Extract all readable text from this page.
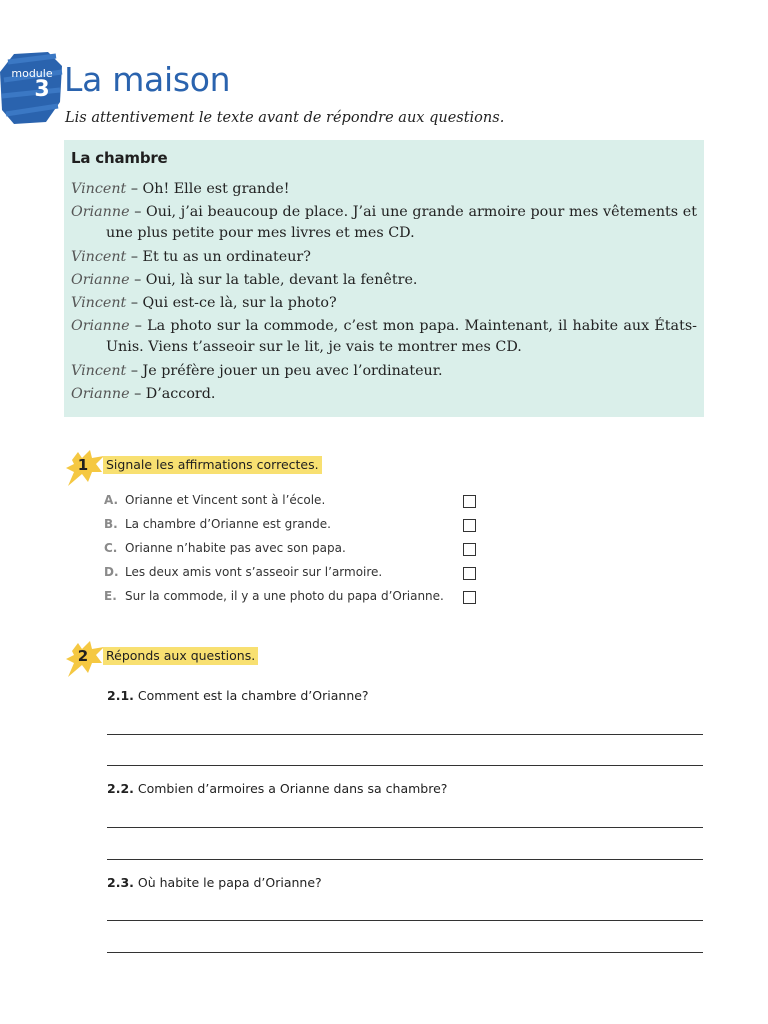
module
3 La maison
Lis attentivement le texte avant de répondre aux questions.
La chambre
Vincent – Oh! Elle est grande!
Orianne – Oui, j’ai beaucoup de place. J’ai une grande armoire pour mes vêtements et une plus petite pour mes livres et mes CD.
Vincent – Et tu as un ordinateur?
Orianne – Oui, là sur la table, devant la fenêtre.
Vincent – Qui est-ce là, sur la photo?
Orianne – La photo sur la commode, c’est mon papa. Maintenant, il habite aux États-Unis. Viens t’asseoir sur le lit, je vais te montrer mes CD.
Vincent – Je préfère jouer un peu avec l’ordinateur.
Orianne – D’accord.
1 Signale les affirmations correctes.
A. Orianne et Vincent sont à l’école.
B. La chambre d’Orianne est grande.
C. Orianne n’habite pas avec son papa.
D. Les deux amis vont s’asseoir sur l’armoire.
E. Sur la commode, il y a une photo du papa d’Orianne.
2 Réponds aux questions.
2.1. Comment est la chambre d’Orianne?
2.2. Combien d’armoires a Orianne dans sa chambre?
2.3. Où habite le papa d’Orianne?
